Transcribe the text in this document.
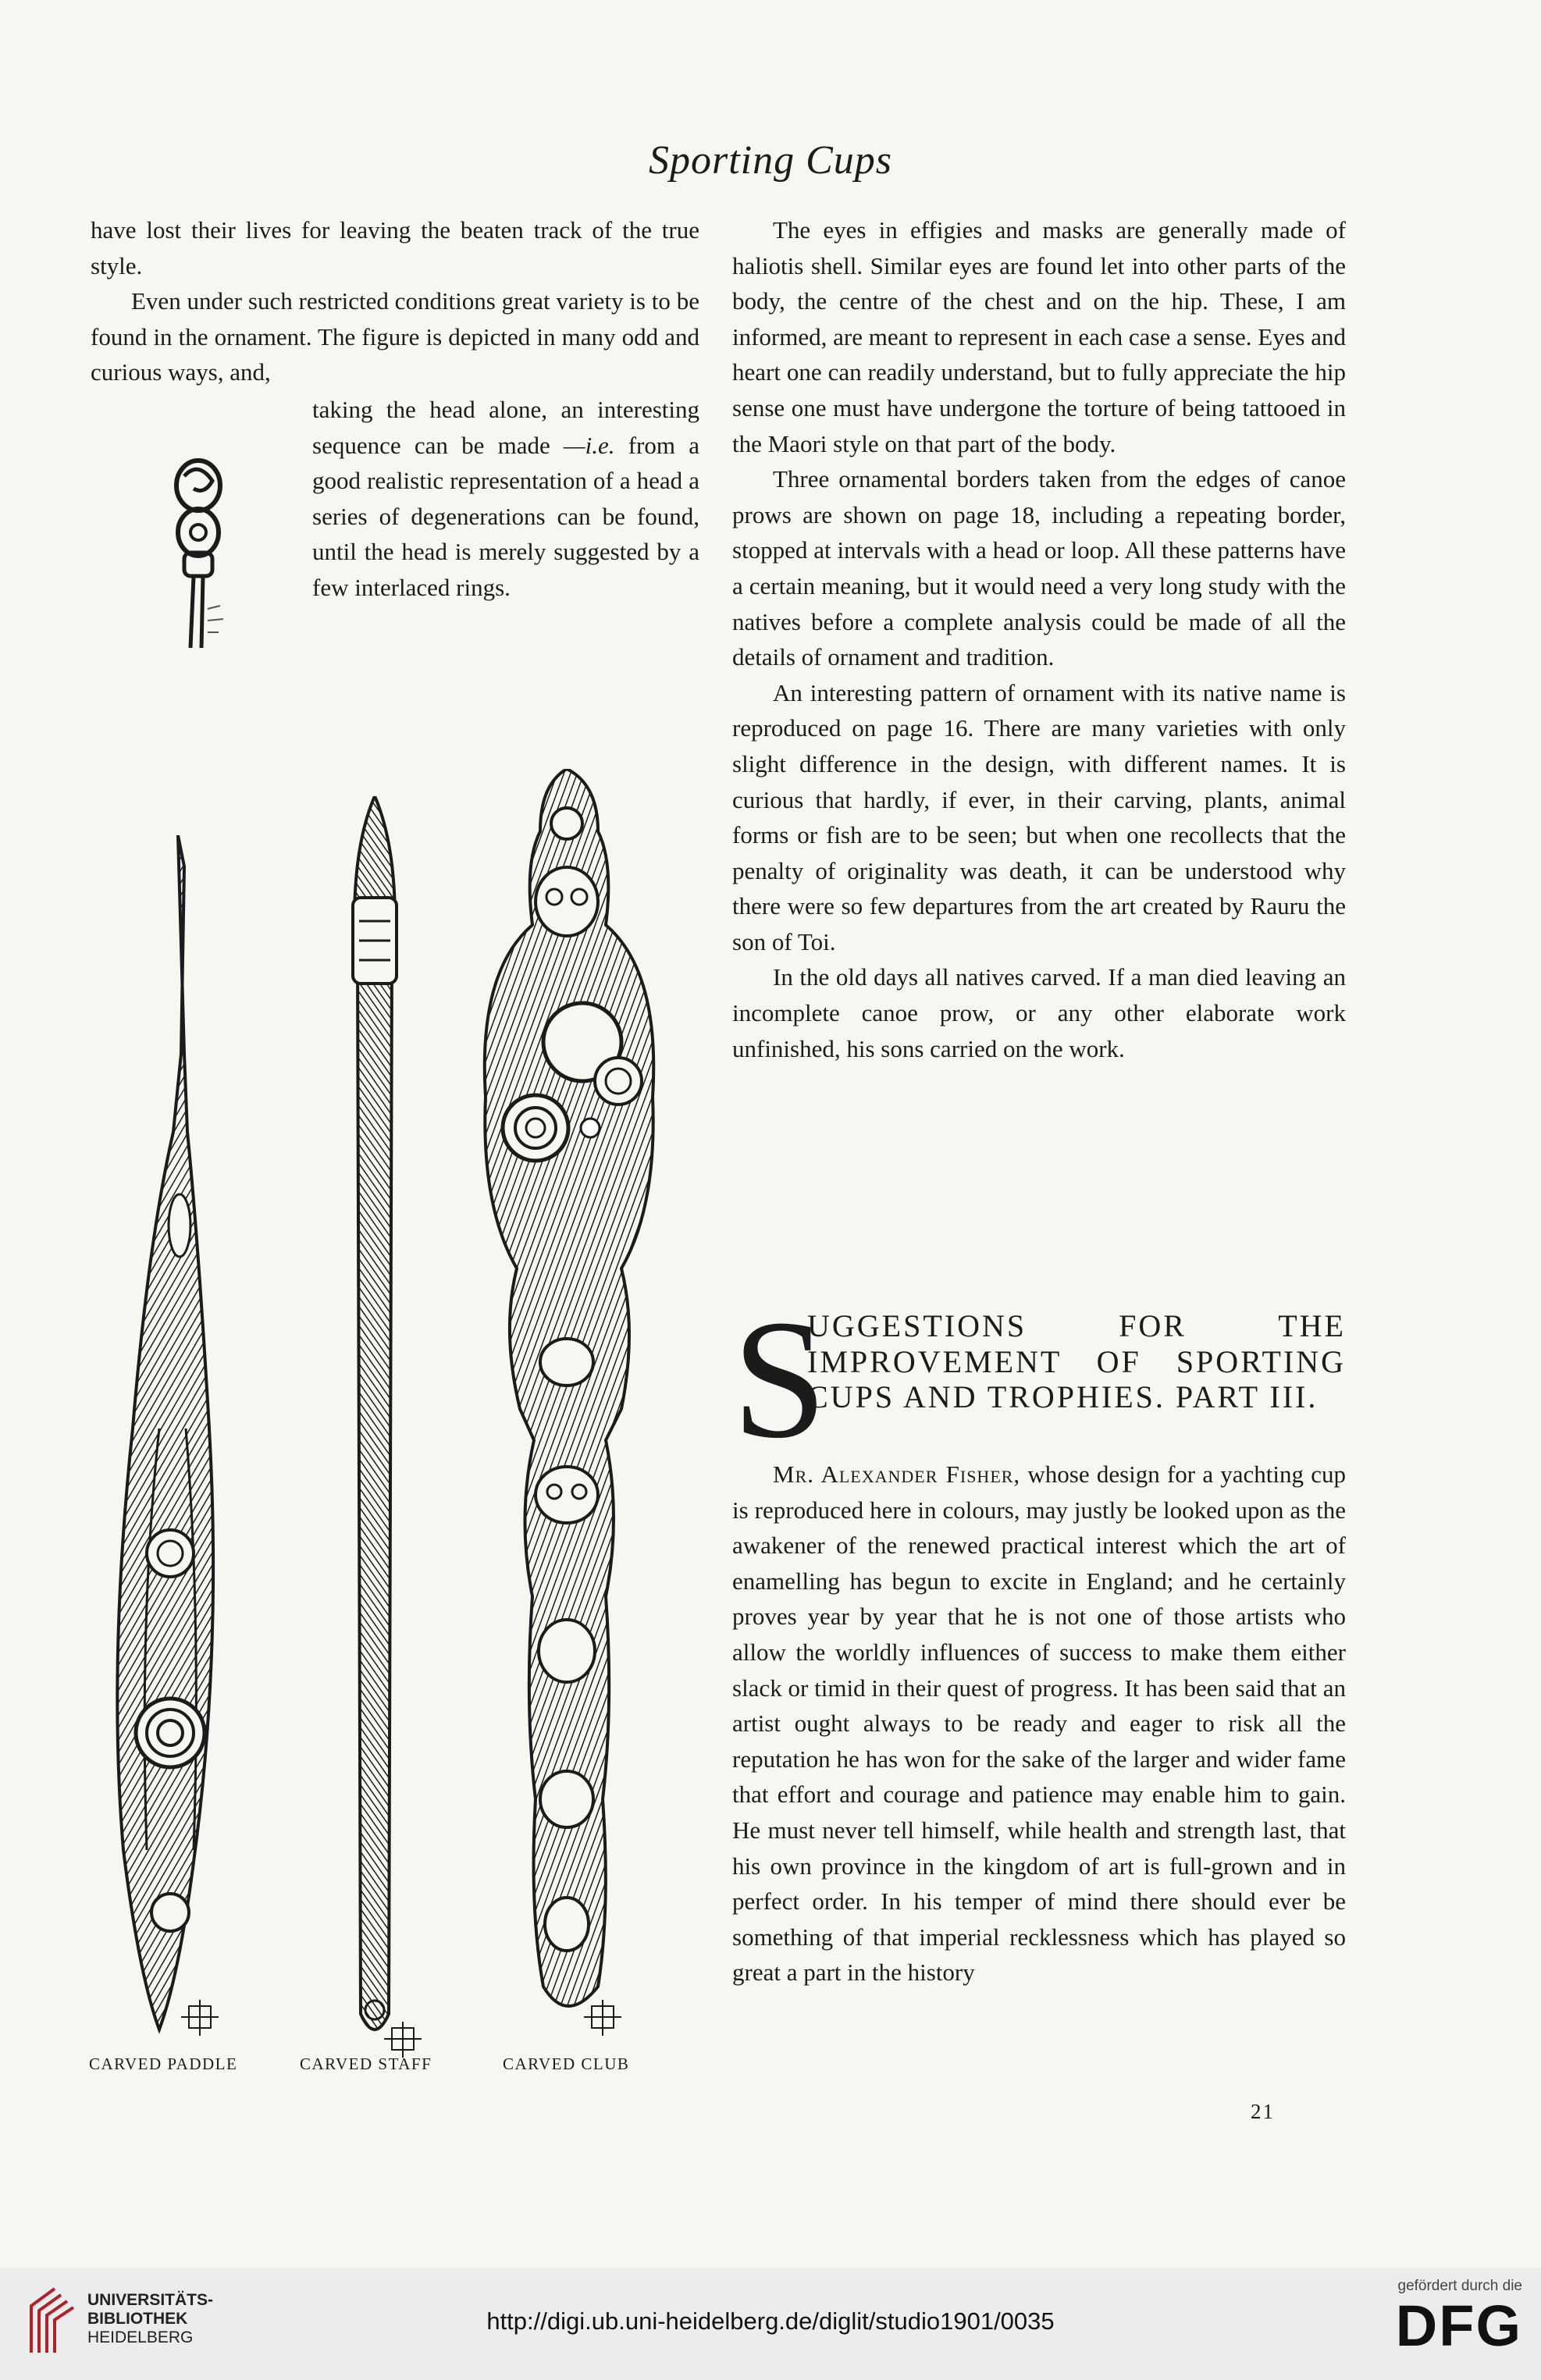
Sporting Cups

have lost their lives for leaving the beaten track of the true style.

Even under such restricted conditions great variety is to be found in the ornament. The figure is depicted in many odd and curious ways, and,

taking the head alone, an interesting sequence can be made —i.e. from a good realistic representation of a head a series of degenerations can be found, until the head is merely suggested by a few interlaced rings.
CARVED PADDLE	CARVED STAFF	CARVED CLUB

The eyes in effigies and masks are generally made of haliotis shell. Similar eyes are found let into other parts of the body, the centre of the chest and on the hip. These, I am informed, are meant to represent in each case a sense. Eyes and heart one can readily understand, but to fully appreciate the hip sense one must have undergone the torture of being tattooed in the Maori style on that part of the body.

Three ornamental borders taken from the edges of canoe prows are shown on page 18, including a repeating border, stopped at intervals with a head or loop. All these patterns have a certain meaning, but it would need a very long study with the natives before a complete analysis could be made of all the details of ornament and tradition.

An interesting pattern of ornament with its native name is reproduced on page 16. There are many varieties with only slight difference in the design, with different names. It is curious that hardly, if ever, in their carving, plants, animal forms or fish are to be seen; but when one recollects that the penalty of originality was death, it can be understood why there were so few departures from the art created by Rauru the son of Toi.

In the old days all natives carved. If a man died leaving an incomplete canoe prow, or any other elaborate work unfinished, his sons carried on the work.

S
UGGESTIONS FOR THE IMPROVEMENT OF SPORTING CUPS AND TROPHIES. PART III.

Mr. Alexander Fisher, whose design for a yachting cup is reproduced here in colours, may justly be looked upon as the awakener of the renewed practical interest which the art of enamelling has begun to excite in England; and he certainly proves year by year that he is not one of those artists who allow the worldly influences of success to make them either slack or timid in their quest of progress. It has been said that an artist ought always to be ready and eager to risk all the reputation he has won for the sake of the larger and wider fame that effort and courage and patience may enable him to gain. He must never tell himself, while health and strength last, that his own province in the kingdom of art is full-grown and in perfect order. In his temper of mind there should ever be something of that imperial recklessness which has played so great a part in the history

21
UNIVERSITÄTS-
BIBLIOTHEK
HEIDELBERG
http://digi.ub.uni-heidelberg.de/diglit/studio1901/0035
gefördert durch die
DFG
